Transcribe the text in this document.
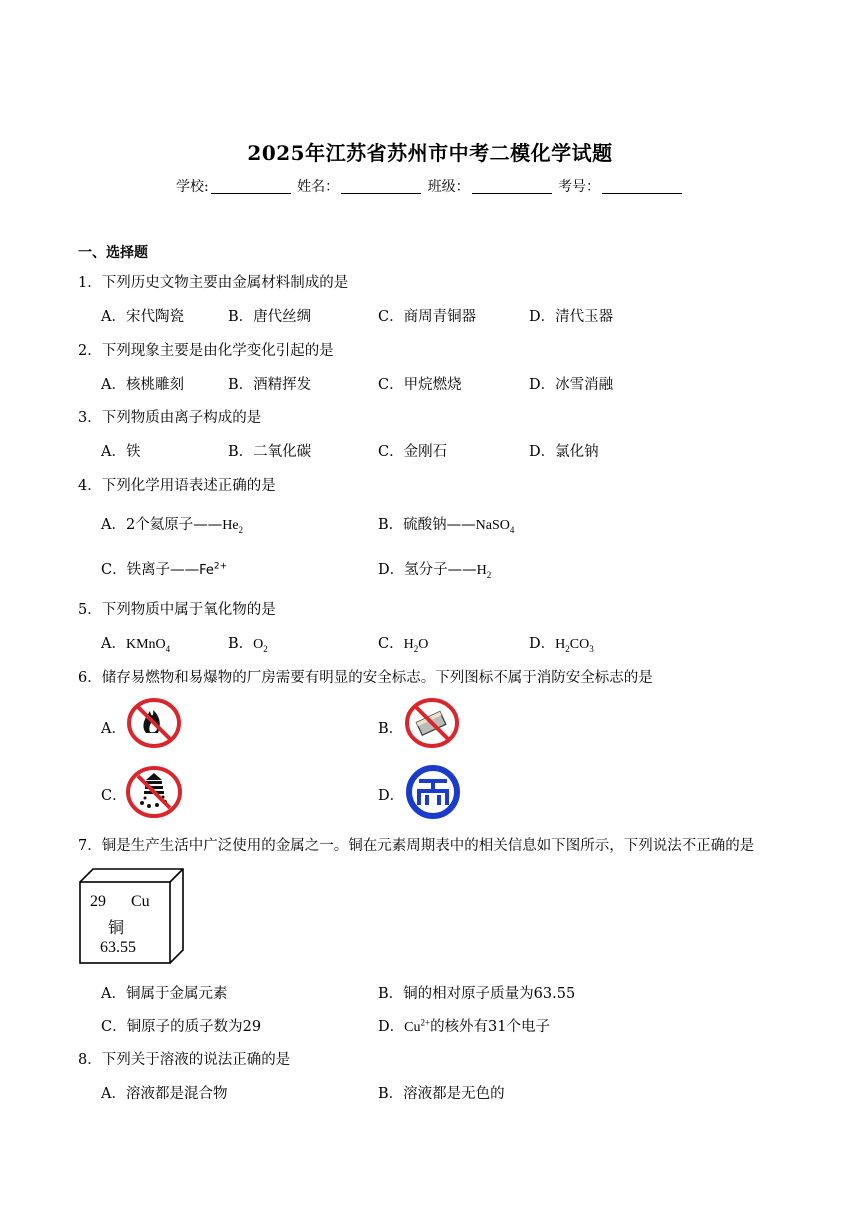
2025年江苏省苏州市中考二模化学试题
学校:	姓名：	班级：	考号：
一、选择题
1．下列历史文物主要由金属材料制成的是
A．宋代陶瓷	B．唐代丝绸	C．商周青铜器	D．清代玉器
2．下列现象主要是由化学变化引起的是
A．核桃雕刻	B．酒精挥发	C．甲烷燃烧	D．冰雪消融
3．下列物质由离子构成的是
A．铁	B．二氧化碳	C．金刚石	D．氯化钠
4．下列化学用语表述正确的是
A．2个氦原子$——He_2$	B．硫酸钠——NaSO$_4$
C．铁离子$——Fe^{2+}$	D．氢分子$——H_2$
5．下列物质中属于氧化物的是
A．KMnO$_4$	B．$O_2$	C．$H_2O$	D．$H_2CO_3$
6．储存易燃物和易爆物的厂房需要有明显的安全标志。下列图标不属于消防安全标志的是
A．	B．
C．	D．
7．铜是生产生活中广泛使用的金属之一。铜在元素周期表中的相关信息如下图所示，下列说法不正确的是
29 Cu
铜
63.55
A．铜属于金属元素	B．铜的相对原子质量为63.55
C．铜原子的质子数为29	D．$Cu^{2+}$的核外有31个电子
8．下列关于溶液的说法正确的是
A．溶液都是混合物	B．溶液都是无色的
